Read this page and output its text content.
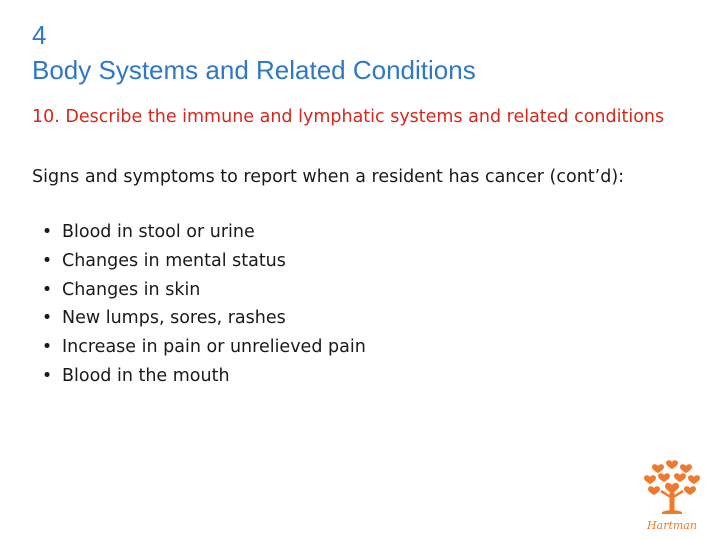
4
Body Systems and Related Conditions
10. Describe the immune and lymphatic systems and related conditions
Signs and symptoms to report when a resident has cancer (cont’d):
• Blood in stool or urine
• Changes in mental status
• Changes in skin
• New lumps, sores, rashes
• Increase in pain or unrelieved pain
• Blood in the mouth
Hartman
